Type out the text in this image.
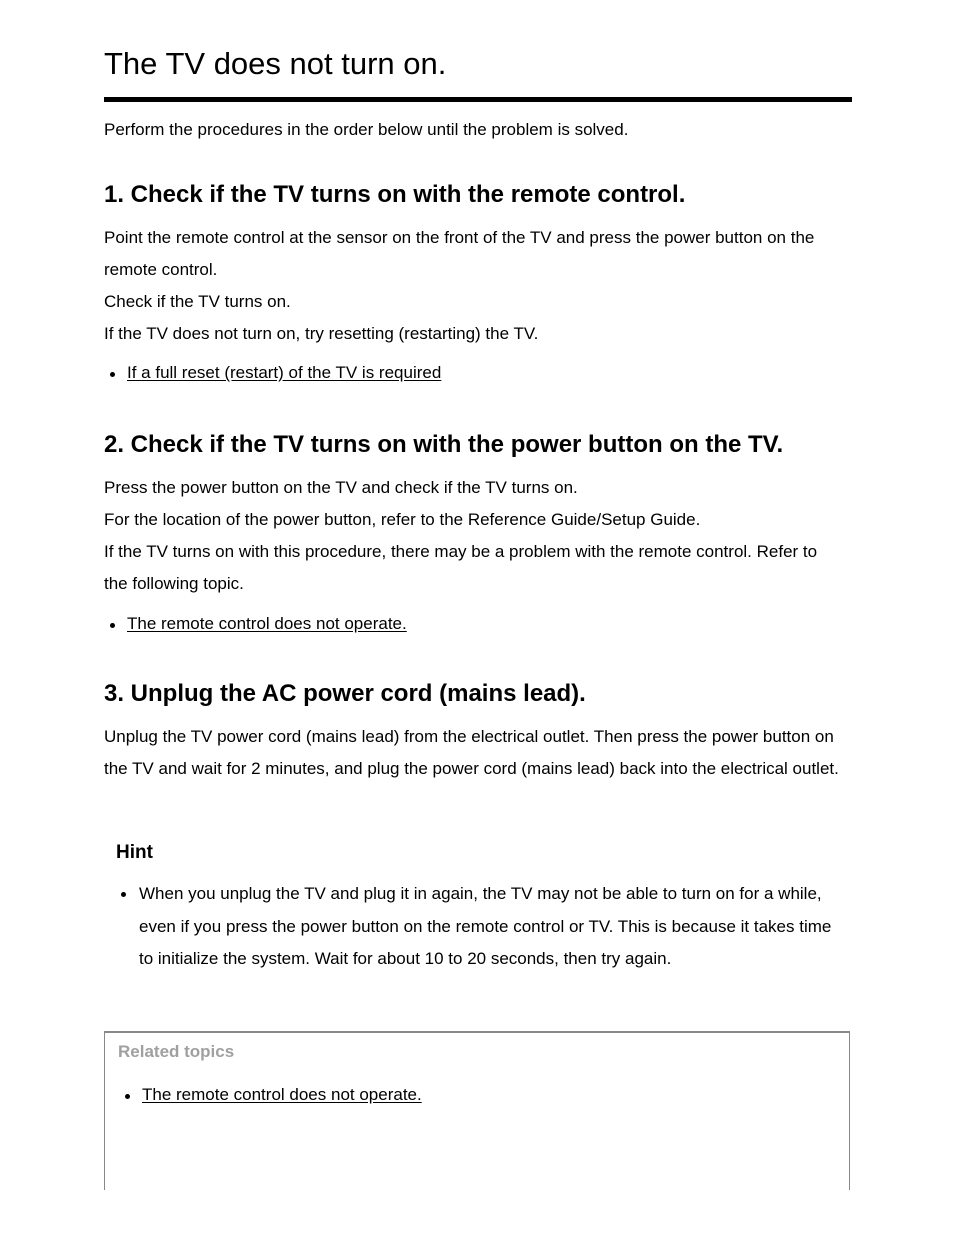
The TV does not turn on.

Perform the procedures in the order below until the problem is solved.

1. Check if the TV turns on with the remote control.

Point the remote control at the sensor on the front of the TV and press the power button on the remote control.
Check if the TV turns on.
If the TV does not turn on, try resetting (restarting) the TV.

If a full reset (restart) of the TV is required
2. Check if the TV turns on with the power button on the TV.

Press the power button on the TV and check if the TV turns on.
For the location of the power button, refer to the Reference Guide/Setup Guide.
If the TV turns on with this procedure, there may be a problem with the remote control. Refer to the following topic.

The remote control does not operate.
3. Unplug the AC power cord (mains lead).

Unplug the TV power cord (mains lead) from the electrical outlet. Then press the power button on the TV and wait for 2 minutes, and plug the power cord (mains lead) back into the electrical outlet.

Hint
When you unplug the TV and plug it in again, the TV may not be able to turn on for a while, even if you press the power button on the remote control or TV. This is because it takes time to initialize the system. Wait for about 10 to 20 seconds, then try again.
Related topics
The remote control does not operate.
